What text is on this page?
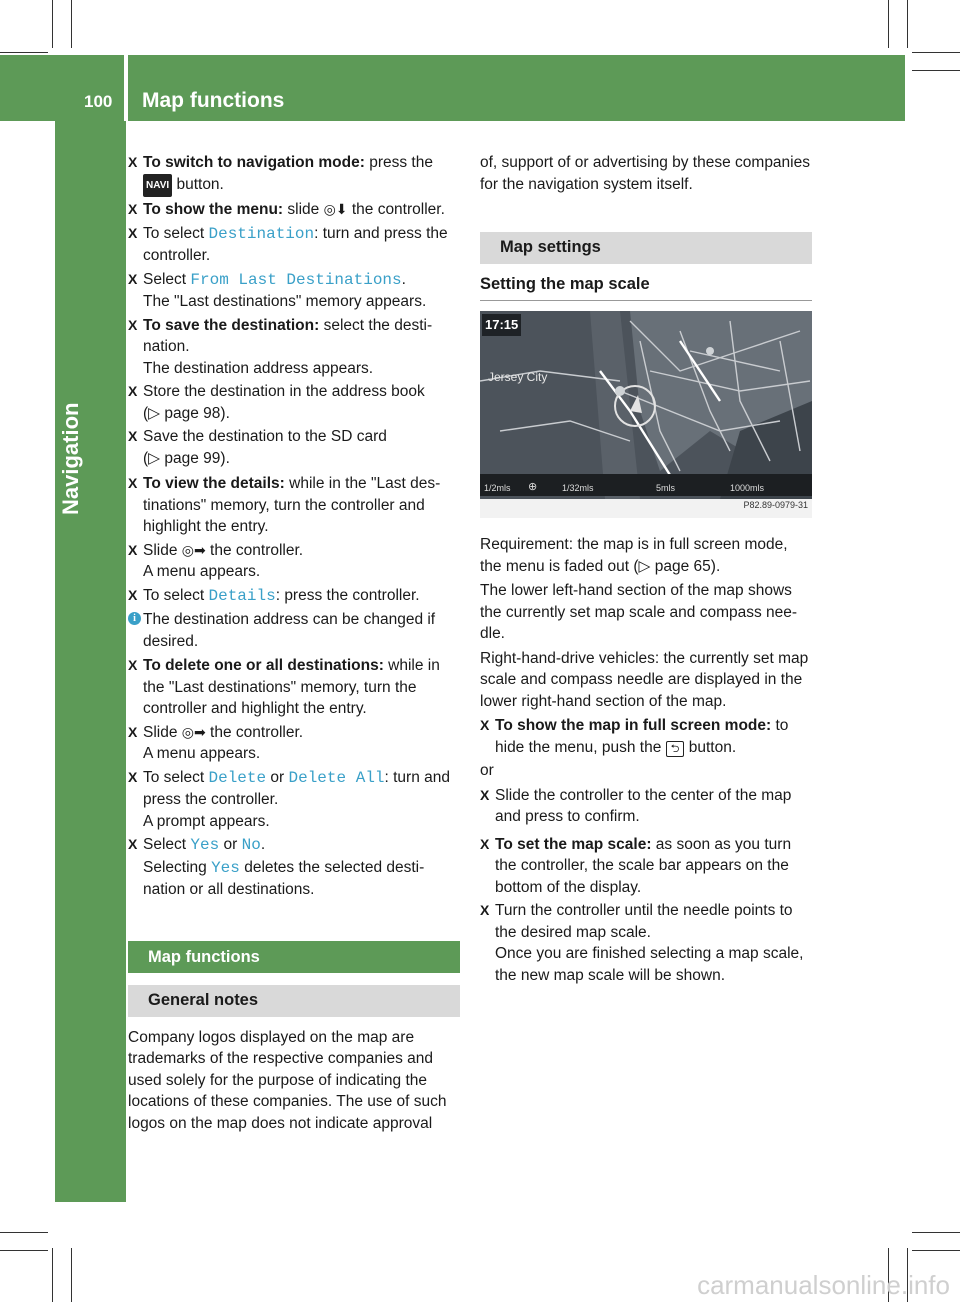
100 Map functions
Navigation
X To switch to navigation mode: press the NAVI button.
X To show the menu: slide ◎⬇ the controller.
X To select Destination: turn and press the controller.
X Select From Last Destinations.
The "Last destinations" memory appears.
X To save the destination: select the destination.
The destination address appears.
X Store the destination in the address book
(▷ page 98).
X Save the destination to the SD card
(▷ page 99).
X To view the details: while in the "Last destinations" memory, turn the controller and highlight the entry.
X Slide ◎➡ the controller.
A menu appears.
X To select Details: press the controller.
i The destination address can be changed if desired.
X To delete one or all destinations: while in the "Last destinations" memory, turn the controller and highlight the entry.
X Slide ◎➡ the controller.
A menu appears.
X To select Delete or Delete All: turn and press the controller.
A prompt appears.
X Select Yes or No.
Selecting Yes deletes the selected destination or all destinations.
Map functions
General notes

Company logos displayed on the map are trademarks of the respective companies and used solely for the purpose of indicating the locations of these companies. The use of such logos on the map does not indicate approval

of, support of or advertising by these companies for the navigation system itself.

Map settings
Setting the map scale
17:15
Jersey City
1/2mls ⊕	1/32mls	5mls	1000mls
P82.89-0979-31

Requirement: the map is in full screen mode, the menu is faded out (▷ page 65).

The lower left-hand section of the map shows the currently set map scale and compass needle.

Right-hand-drive vehicles: the currently set map scale and compass needle are displayed in the lower right-hand section of the map.

X To show the map in full screen mode: to hide the menu, push the ⮌ button.

or

X Slide the controller to the center of the map and press to confirm.
X To set the map scale: as soon as you turn the controller, the scale bar appears on the bottom of the display.
X Turn the controller until the needle points to the desired map scale.
Once you are finished selecting a map scale, the new map scale will be shown.
carmanualsonline.info
